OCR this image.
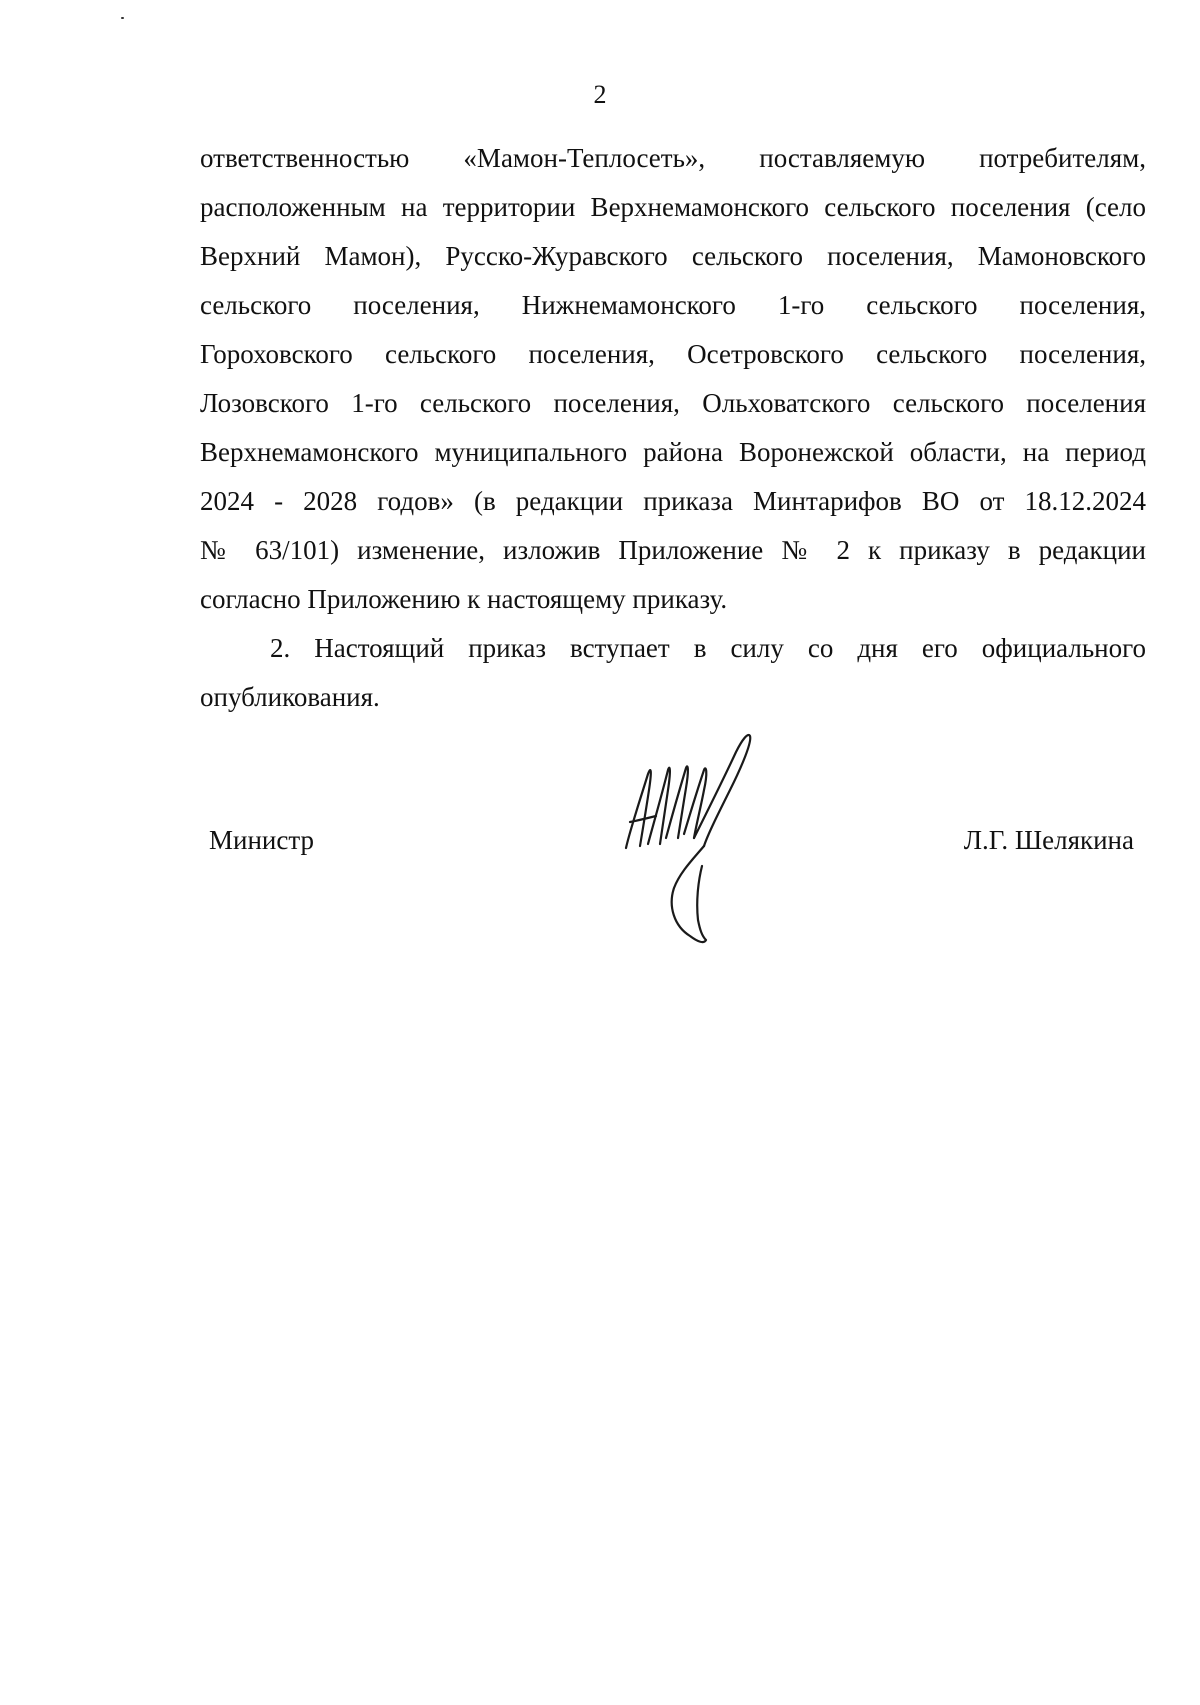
2
ответственностью «Мамон-Теплосеть», поставляемую потребителям,
расположенным на территории Верхнемамонского сельского поселения (село
Верхний Мамон), Русско-Журавского сельского поселения, Мамоновского
сельского поселения, Нижнемамонского 1-го сельского поселения,
Гороховского сельского поселения, Осетровского сельского поселения,
Лозовского 1-го сельского поселения, Ольховатского сельского поселения
Верхнемамонского муниципального района Воронежской области, на период
2024 - 2028 годов» (в редакции приказа Минтарифов ВО от 18.12.2024
№ 63/101) изменение, изложив Приложение № 2 к приказу в редакции
согласно Приложению к настоящему приказу.
2. Настоящий приказ вступает в силу со дня его официального
опубликования.
Министр	Л.Г. Шелякина
